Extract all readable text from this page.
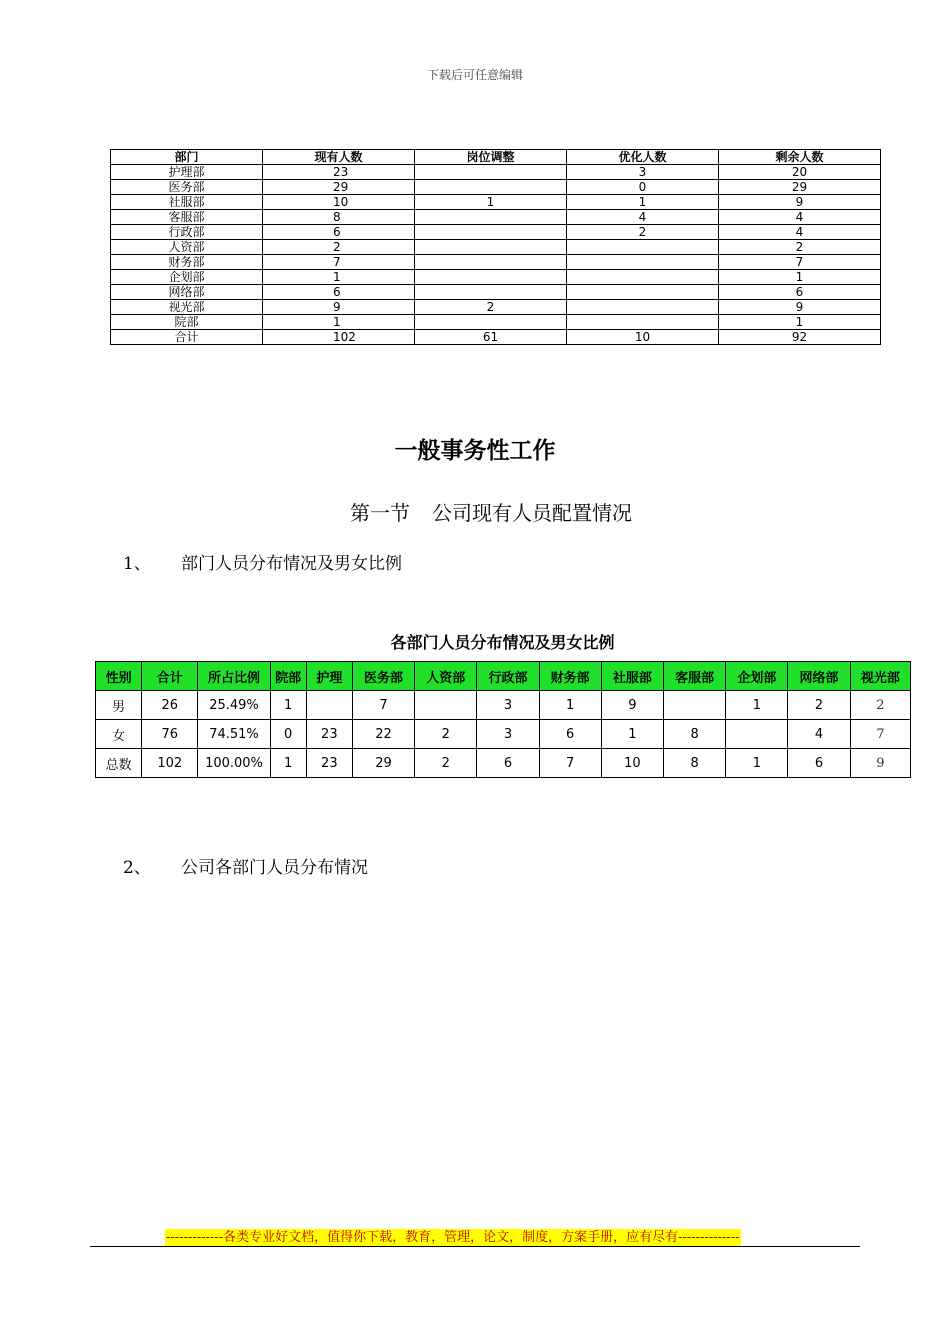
下载后可任意编辑
部门	现有人数	岗位调整	优化人数	剩余人数
护理部	23		3	20
医务部	29		0	29
社服部	10	1	1	9
客服部	8		4	4
行政部	6		2	4
人资部	2			2
财务部	7			7
企划部	1			1
网络部	6			6
视光部	9	2		9
院部	1			1
合计	102	61	10	92
一般事务性工作
第一节 公司现有人员配置情况
1、 部门人员分布情况及男女比例
各部门人员分布情况及男女比例
性别	合计	所占比例	院部	护理	医务部	人资部	行政部	财务部	社服部	客服部	企划部	网络部	视光部
男	26	25.49%	1		7		3	1	9		1	2	2
女	76	74.51%	0	23	22	2	3	6	1	8		4	7
总数	102	100.00%	1	23	29	2	6	7	10	8	1	6	9
2、 公司各部门人员分布情况
-------------各类专业好文档，值得你下载，教育，管理，论文，制度，方案手册，应有尽有--------------
